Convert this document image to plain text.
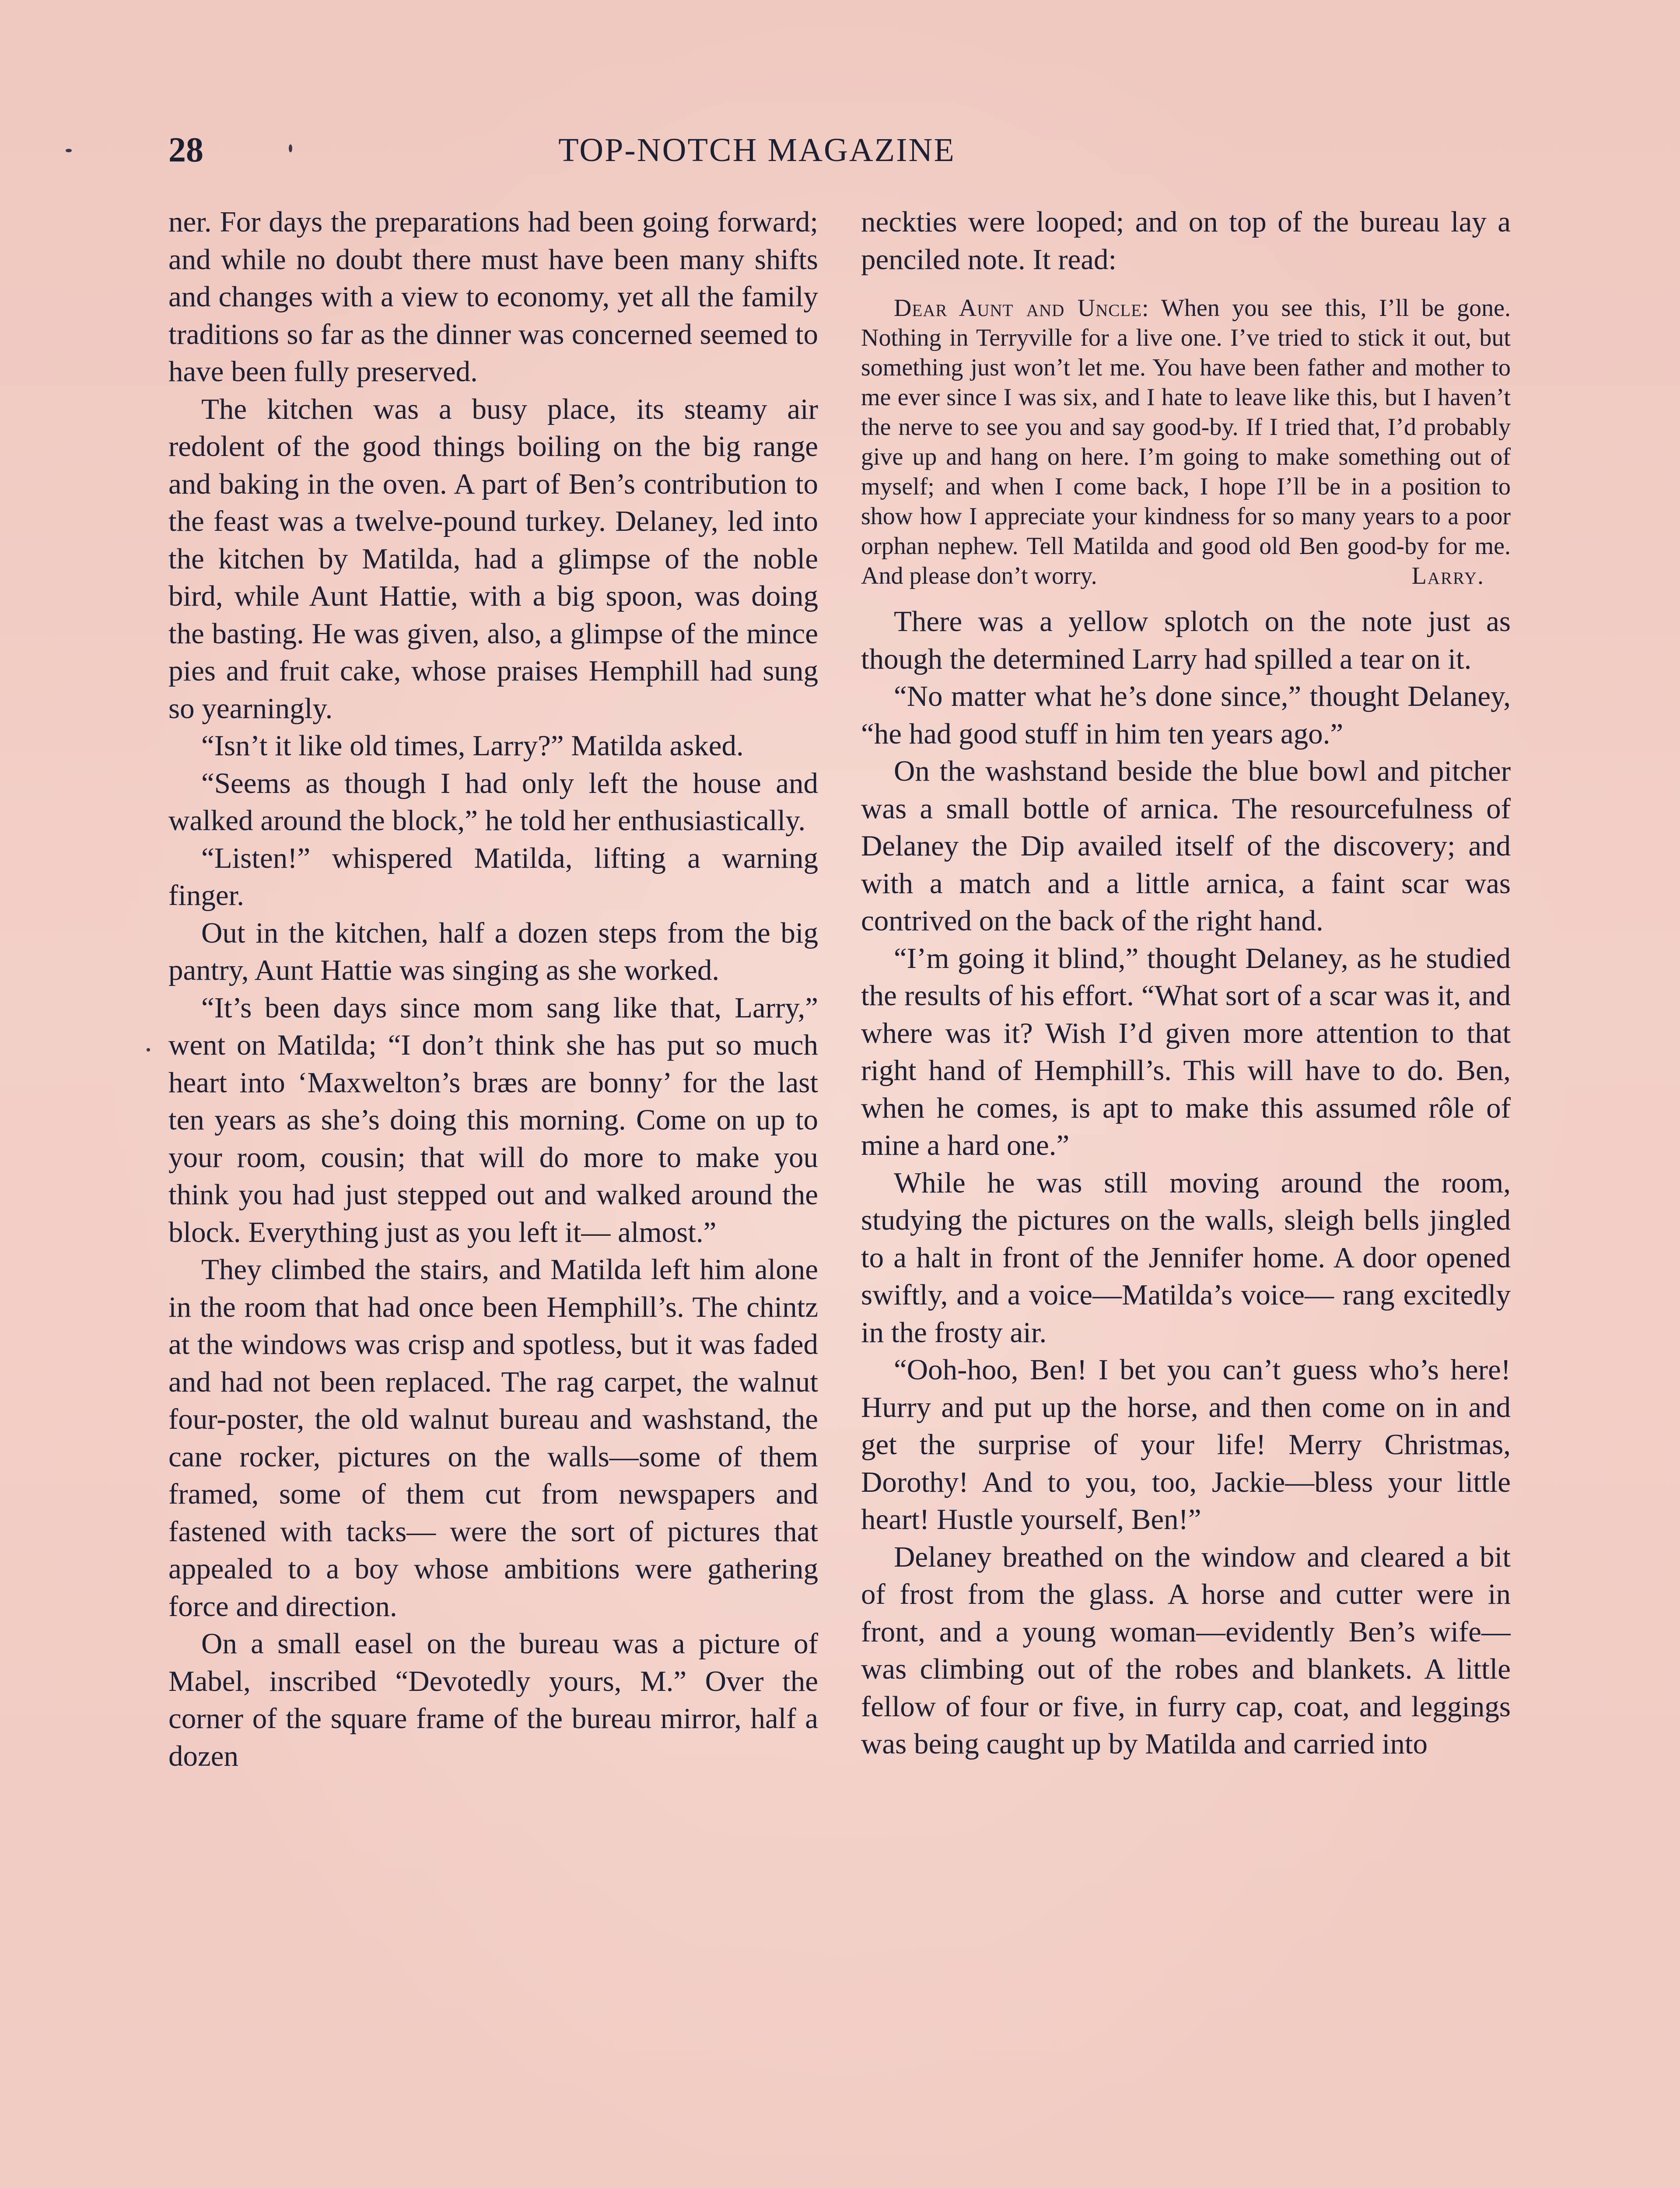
28	TOP-NOTCH MAGAZINE

ner. For days the preparations had been going forward; and while no doubt there must have been many shifts and changes with a view to economy, yet all the family traditions so far as the dinner was concerned seemed to have been fully preserved.

The kitchen was a busy place, its steamy air redolent of the good things boiling on the big range and baking in the oven. A part of Ben’s contribution to the feast was a twelve-pound turkey. Delaney, led into the kitchen by Matilda, had a glimpse of the noble bird, while Aunt Hattie, with a big spoon, was doing the basting. He was given, also, a glimpse of the mince pies and fruit cake, whose praises Hemphill had sung so yearningly.

“Isn’t it like old times, Larry?” Matilda asked.

“Seems as though I had only left the house and walked around the block,” he told her enthusiastically.

“Listen!” whispered Matilda, lifting a warning finger.

Out in the kitchen, half a dozen steps from the big pantry, Aunt Hattie was singing as she worked.

“It’s been days since mom sang like that, Larry,” went on Matilda; “I don’t think she has put so much heart into ‘Maxwelton’s bræs are bonny’ for the last ten years as she’s doing this morning. Come on up to your room, cousin; that will do more to make you think you had just stepped out and walked around the block. Everything just as you left it— almost.”

They climbed the stairs, and Matilda left him alone in the room that had once been Hemphill’s. The chintz at the windows was crisp and spotless, but it was faded and had not been replaced. The rag carpet, the walnut four-poster, the old walnut bureau and washstand, the cane rocker, pictures on the walls—some of them framed, some of them cut from newspapers and fastened with tacks— were the sort of pictures that appealed to a boy whose ambitions were gathering force and direction.

On a small easel on the bureau was a picture of Mabel, inscribed “Devotedly yours, M.” Over the corner of the square frame of the bureau mirror, half a dozen

neckties were looped; and on top of the bureau lay a penciled note. It read:

Dear Aunt and Uncle: When you see this, I’ll be gone. Nothing in Terryville for a live one. I’ve tried to stick it out, but something just won’t let me. You have been father and mother to me ever since I was six, and I hate to leave like this, but I haven’t the nerve to see you and say good-by. If I tried that, I’d probably give up and hang on here. I’m going to make something out of myself; and when I come back, I hope I’ll be in a position to show how I appreciate your kindness for so many years to a poor orphan nephew. Tell Matilda and good old Ben good-by for me. And please don’t worry.	Larry.

There was a yellow splotch on the note just as though the determined Larry had spilled a tear on it.

“No matter what he’s done since,” thought Delaney, “he had good stuff in him ten years ago.”

On the washstand beside the blue bowl and pitcher was a small bottle of arnica. The resourcefulness of Delaney the Dip availed itself of the discovery; and with a match and a little arnica, a faint scar was contrived on the back of the right hand.

“I’m going it blind,” thought Delaney, as he studied the results of his effort. “What sort of a scar was it, and where was it? Wish I’d given more attention to that right hand of Hemphill’s. This will have to do. Ben, when he comes, is apt to make this assumed rôle of mine a hard one.”

While he was still moving around the room, studying the pictures on the walls, sleigh bells jingled to a halt in front of the Jennifer home. A door opened swiftly, and a voice—Matilda’s voice— rang excitedly in the frosty air.

“Ooh-hoo, Ben! I bet you can’t guess who’s here! Hurry and put up the horse, and then come on in and get the surprise of your life! Merry Christmas, Dorothy! And to you, too, Jackie—bless your little heart! Hustle yourself, Ben!”

Delaney breathed on the window and cleared a bit of frost from the glass. A horse and cutter were in front, and a young woman—evidently Ben’s wife— was climbing out of the robes and blankets. A little fellow of four or five, in furry cap, coat, and leggings was being caught up by Matilda and carried into
